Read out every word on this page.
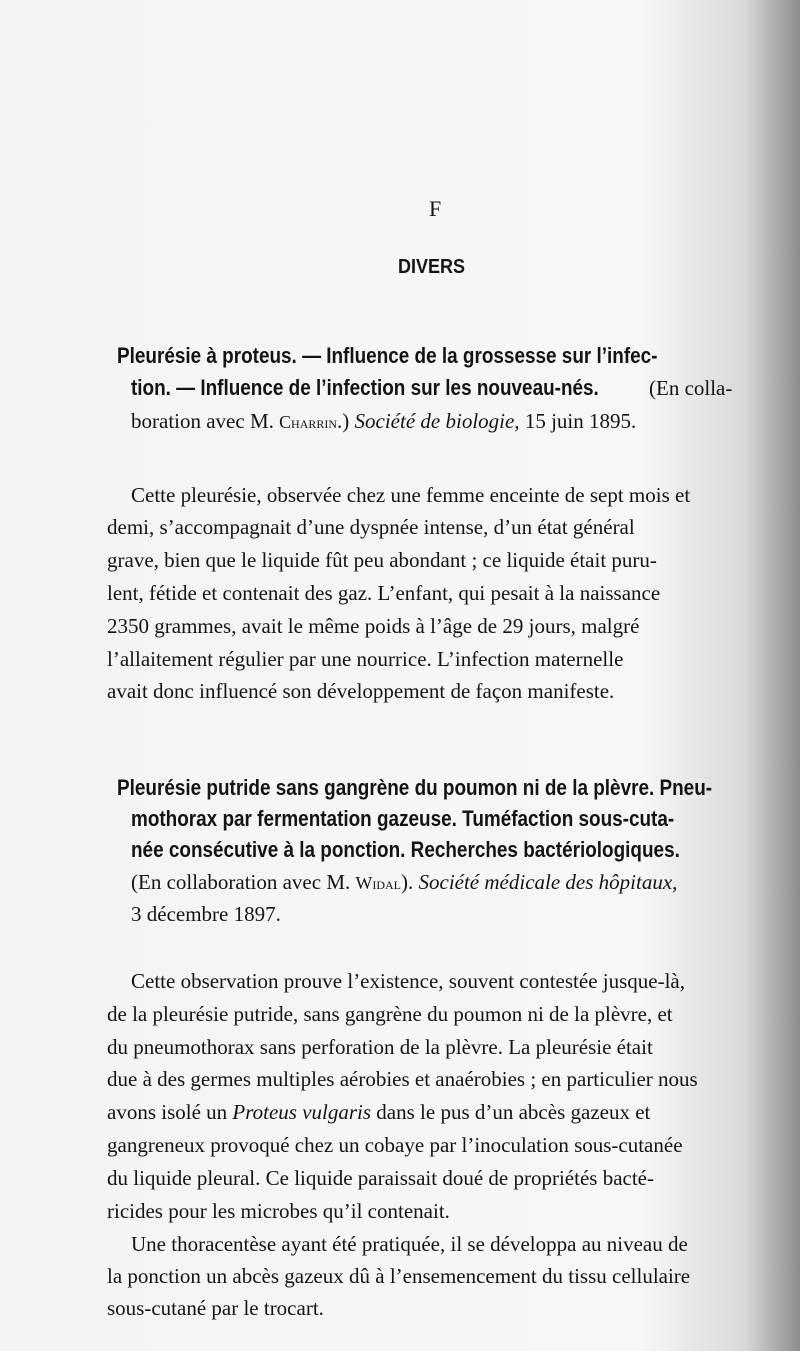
F
DIVERS
Pleurésie à proteus. — Influence de la grossesse sur l’infec-
tion. — Influence de l’infection sur les nouveau-nés. (En colla-
boration avec M. Charrin.) Société de biologie, 15 juin 1895.
Cette pleurésie, observée chez une femme enceinte de sept mois et
demi, s’accompagnait d’une dyspnée intense, d’un état général
grave, bien que le liquide fût peu abondant ; ce liquide était puru-
lent, fétide et contenait des gaz. L’enfant, qui pesait à la naissance
2350 grammes, avait le même poids à l’âge de 29 jours, malgré
l’allaitement régulier par une nourrice. L’infection maternelle
avait donc influencé son développement de façon manifeste.
Pleurésie putride sans gangrène du poumon ni de la plèvre. Pneu-
mothorax par fermentation gazeuse. Tuméfaction sous-cuta-
née consécutive à la ponction. Recherches bactériologiques.
(En collaboration avec M. Widal). Société médicale des hôpitaux,
3 décembre 1897.
Cette observation prouve l’existence, souvent contestée jusque-là,
de la pleurésie putride, sans gangrène du poumon ni de la plèvre, et
du pneumothorax sans perforation de la plèvre. La pleurésie était
due à des germes multiples aérobies et anaérobies ; en particulier nous
avons isolé un Proteus vulgaris dans le pus d’un abcès gazeux et
gangreneux provoqué chez un cobaye par l’inoculation sous-cutanée
du liquide pleural. Ce liquide paraissait doué de propriétés bacté-
ricides pour les microbes qu’il contenait.
Une thoracentèse ayant été pratiquée, il se développa au niveau de
la ponction un abcès gazeux dû à l’ensemencement du tissu cellulaire
sous-cutané par le trocart.
